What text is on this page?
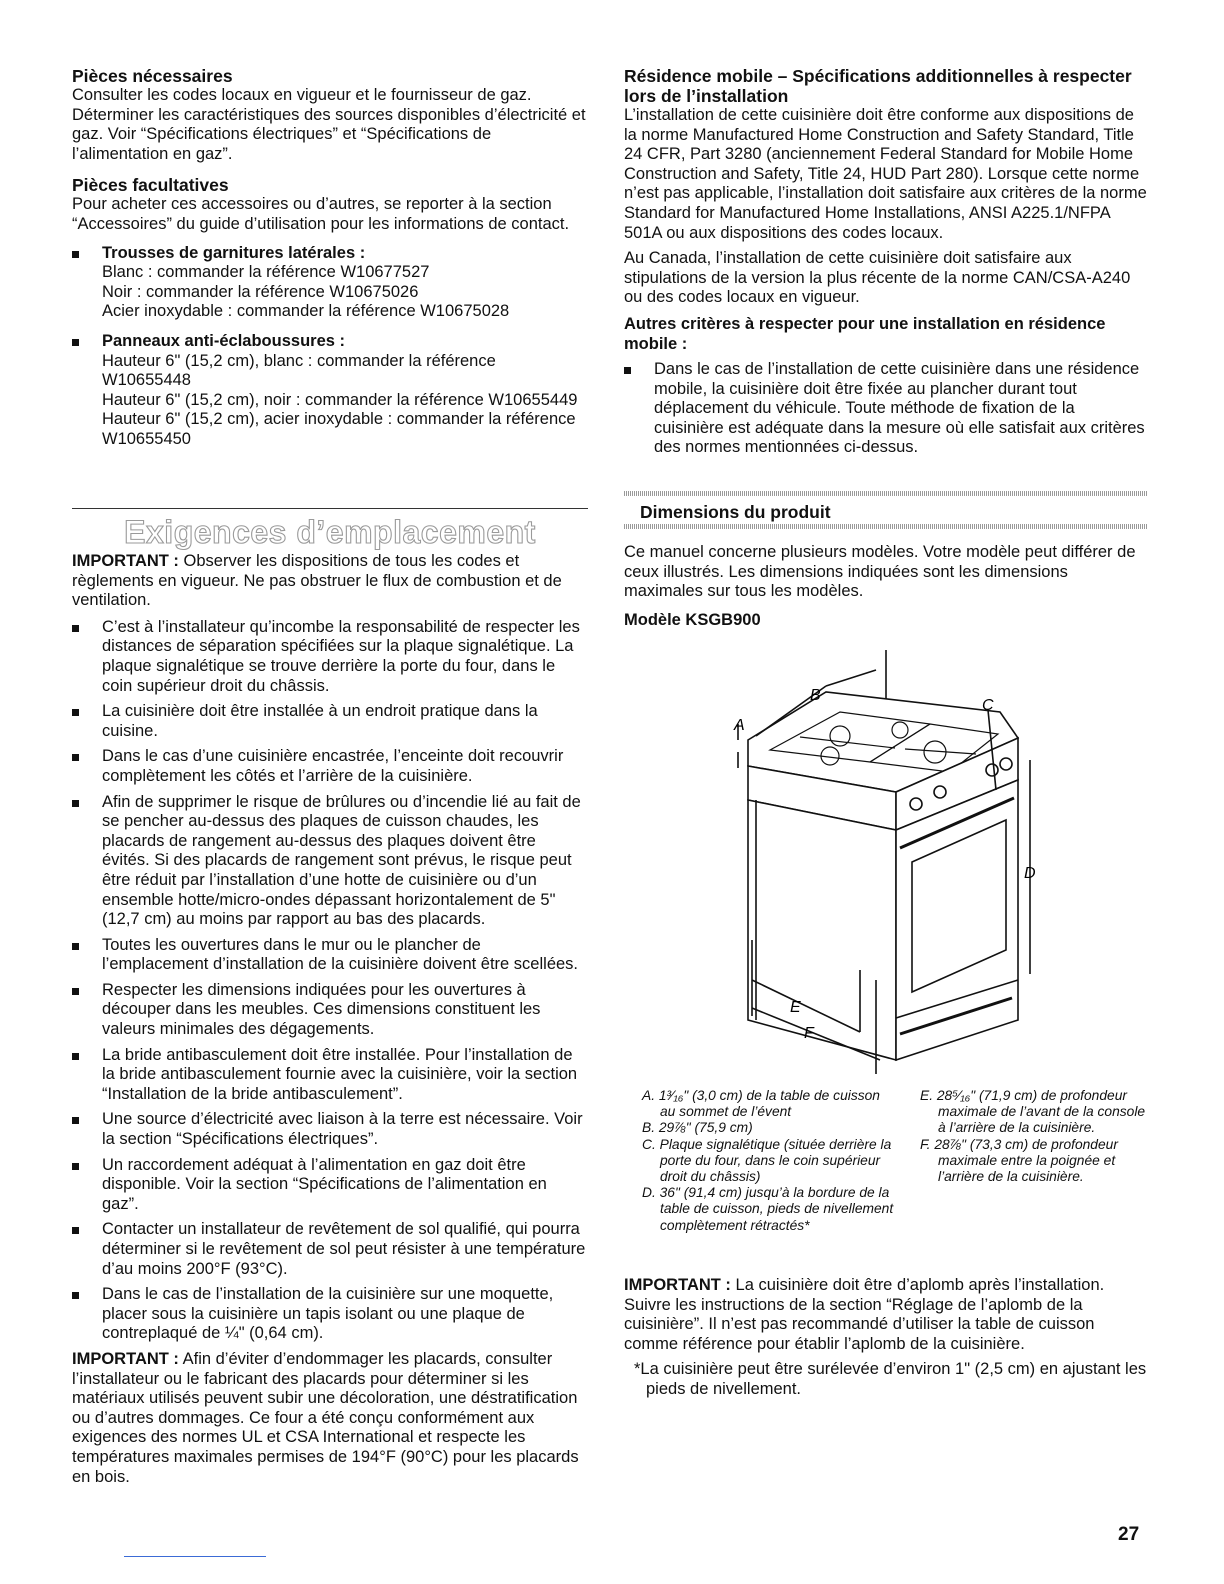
Pièces nécessaires

Consulter les codes locaux en vigueur et le fournisseur de gaz. Déterminer les caractéristiques des sources disponibles d’électricité et gaz. Voir “Spécifications électriques” et “Spécifications de l’alimentation en gaz”.

Pièces facultatives

Pour acheter ces accessoires ou d’autres, se reporter à la section “Accessoires” du guide d’utilisation pour les informations de contact.

Trousses de garnitures latérales :
Blanc : commander la référence W10677527
Noir : commander la référence W10675026
Acier inoxydable : commander la référence W10675028
Panneaux anti-éclaboussures :
Hauteur 6" (15,2 cm), blanc : commander la référence W10655448
Hauteur 6" (15,2 cm), noir : commander la référence W10655449
Hauteur 6" (15,2 cm), acier inoxydable : commander la référence W10655450
Exigences d’emplacement

IMPORTANT : Observer les dispositions de tous les codes et règlements en vigueur. Ne pas obstruer le flux de combustion et de ventilation.

C’est à l’installateur qu’incombe la responsabilité de respecter les distances de séparation spécifiées sur la plaque signalétique. La plaque signalétique se trouve derrière la porte du four, dans le coin supérieur droit du châssis.
La cuisinière doit être installée à un endroit pratique dans la cuisine.
Dans le cas d’une cuisinière encastrée, l’enceinte doit recouvrir complètement les côtés et l’arrière de la cuisinière.
Afin de supprimer le risque de brûlures ou d’incendie lié au fait de se pencher au-dessus des plaques de cuisson chaudes, les placards de rangement au-dessus des plaques doivent être évités. Si des placards de rangement sont prévus, le risque peut être réduit par l’installation d’une hotte de cuisinière ou d’un ensemble hotte/micro-ondes dépassant horizontalement de 5" (12,7 cm) au moins par rapport au bas des placards.
Toutes les ouvertures dans le mur ou le plancher de l’emplacement d’installation de la cuisinière doivent être scellées.
Respecter les dimensions indiquées pour les ouvertures à découper dans les meubles. Ces dimensions constituent les valeurs minimales des dégagements.
La bride antibasculement doit être installée. Pour l’installation de la bride antibasculement fournie avec la cuisinière, voir la section “Installation de la bride antibasculement”.
Une source d’électricité avec liaison à la terre est nécessaire. Voir la section “Spécifications électriques”.
Un raccordement adéquat à l’alimentation en gaz doit être disponible. Voir la section “Spécifications de l’alimentation en gaz”.
Contacter un installateur de revêtement de sol qualifié, qui pourra déterminer si le revêtement de sol peut résister à une température d’au moins 200°F (93°C).
Dans le cas de l’installation de la cuisinière sur une moquette, placer sous la cuisinière un tapis isolant ou une plaque de contreplaqué de ¼" (0,64 cm).

IMPORTANT : Afin d’éviter d’endommager les placards, consulter l’installateur ou le fabricant des placards pour déterminer si les matériaux utilisés peuvent subir une décoloration, une déstratification ou d’autres dommages. Ce four a été conçu conformément aux exigences des normes UL et CSA International et respecte les températures maximales permises de 194°F (90°C) pour les placards en bois.

Résidence mobile – Spécifications additionnelles à respecter lors de l’installation

L’installation de cette cuisinière doit être conforme aux dispositions de la norme Manufactured Home Construction and Safety Standard, Title 24 CFR, Part 3280 (anciennement Federal Standard for Mobile Home Construction and Safety, Title 24, HUD Part 280). Lorsque cette norme n’est pas applicable, l’installation doit satisfaire aux critères de la norme Standard for Manufactured Home Installations, ANSI A225.1/NFPA 501A ou aux dispositions des codes locaux.

Au Canada, l’installation de cette cuisinière doit satisfaire aux stipulations de la version la plus récente de la norme CAN/CSA-A240 ou des codes locaux en vigueur.

Autres critères à respecter pour une installation en résidence mobile :
Dans le cas de l’installation de cette cuisinière dans une résidence mobile, la cuisinière doit être fixée au plancher durant tout déplacement du véhicule. Toute méthode de fixation de la cuisinière est adéquate dans la mesure où elle satisfait aux critères des normes mentionnées ci-dessus.
Dimensions du produit

Ce manuel concerne plusieurs modèles. Votre modèle peut différer de ceux illustrés. Les dimensions indiquées sont les dimensions maximales sur tous les modèles.

Modèle KSGB900
A
B
C
D
E
F
A. 1³⁄₁₆" (3,0 cm) de la table de cuisson au sommet de l’évent
B. 29⅞" (75,9 cm)
C. Plaque signalétique (située derrière la porte du four, dans le coin supérieur droit du châssis)
D. 36" (91,4 cm) jusqu’à la bordure de la table de cuisson, pieds de nivellement complètement rétractés*
E. 28⁵⁄₁₆" (71,9 cm) de profondeur maximale de l’avant de la console à l’arrière de la cuisinière.
F. 28⅞" (73,3 cm) de profondeur maximale entre la poignée et l’arrière de la cuisinière.

IMPORTANT : La cuisinière doit être d’aplomb après l’installation. Suivre les instructions de la section “Réglage de l’aplomb de la cuisinière”. Il n’est pas recommandé d’utiliser la table de cuisson comme référence pour établir l’aplomb de la cuisinière.

*La cuisinière peut être surélevée d’environ 1" (2,5 cm) en ajustant les pieds de nivellement.

27
